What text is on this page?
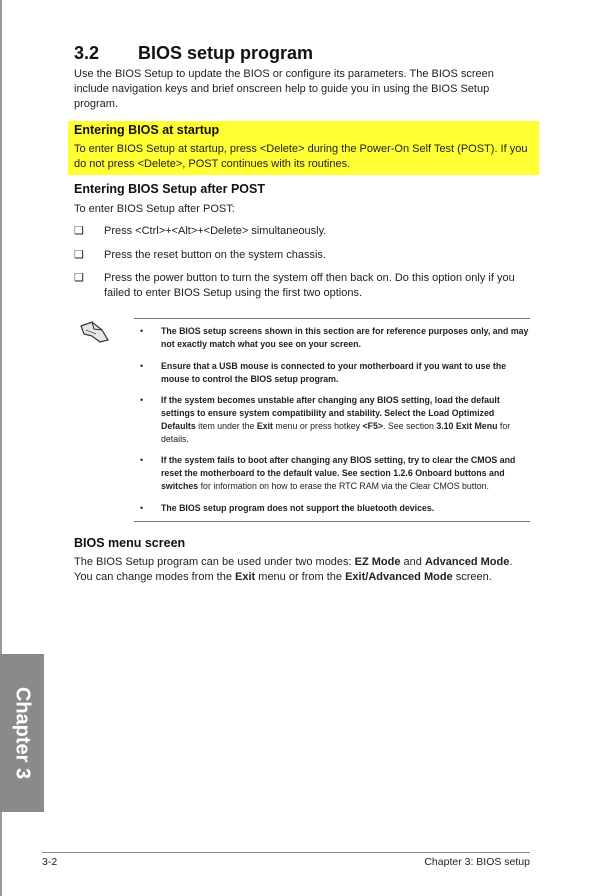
3.2 BIOS setup program
Use the BIOS Setup to update the BIOS or configure its parameters. The BIOS screen include navigation keys and brief onscreen help to guide you in using the BIOS Setup program.
Entering BIOS at startup
To enter BIOS Setup at startup, press <Delete> during the Power-On Self Test (POST). If you do not press <Delete>, POST continues with its routines.
Entering BIOS Setup after POST
To enter BIOS Setup after POST:
❑ Press <Ctrl>+<Alt>+<Delete> simultaneously.
❑ Press the reset button on the system chassis.
❑ Press the power button to turn the system off then back on. Do this option only if you failed to enter BIOS Setup using the first two options.
• The BIOS setup screens shown in this section are for reference purposes only, and may not exactly match what you see on your screen.
• Ensure that a USB mouse is connected to your motherboard if you want to use the mouse to control the BIOS setup program.
• If the system becomes unstable after changing any BIOS setting, load the default settings to ensure system compatibility and stability. Select the Load Optimized Defaults item under the Exit menu or press hotkey <F5>. See section 3.10 Exit Menu for details.
• If the system fails to boot after changing any BIOS setting, try to clear the CMOS and reset the motherboard to the default value. See section 1.2.6 Onboard buttons and switches for information on how to erase the RTC RAM via the Clear CMOS button.
• The BIOS setup program does not support the bluetooth devices.
BIOS menu screen
The BIOS Setup program can be used under two modes: EZ Mode and Advanced Mode. You can change modes from the Exit menu or from the Exit/Advanced Mode screen.
Chapter 3
3-2	Chapter 3: BIOS setup
